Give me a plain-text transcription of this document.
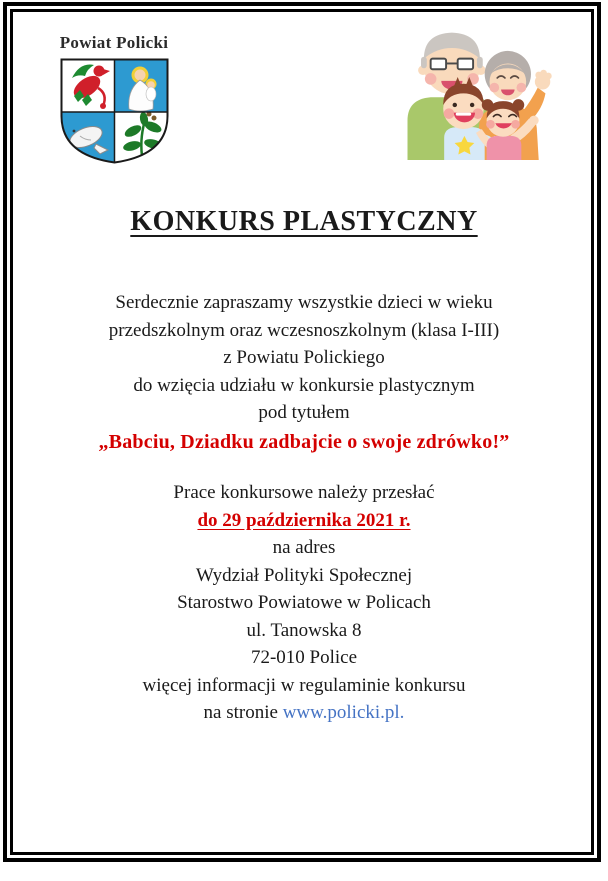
Powiat Policki
KONKURS PLASTYCZNY
Serdecznie zapraszamy wszystkie dzieci w wieku
przedszkolnym oraz wczesnoszkolnym (klasa I-III)
z Powiatu Polickiego
do wzięcia udziału w konkursie plastycznym
pod tytułem
„Babciu, Dziadku zadbajcie o swoje zdrówko!”
Prace konkursowe należy przesłać
do 29 października 2021 r.
na adres
Wydział Polityki Społecznej
Starostwo Powiatowe w Policach
ul. Tanowska 8
72-010 Police
więcej informacji w regulaminie konkursu
na stronie www.policki.pl.
